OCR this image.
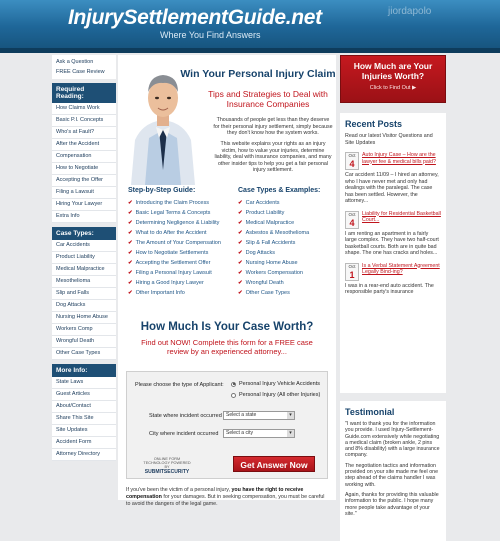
InjurySettlementGuide.net
Where You Find Answers
jiordapolo
Ask a Question
FREE Case Review
Required Reading:
How Claims Work
Basic P.I. Concepts
Who's at Fault?
After the Accident
Compensation
How to Negotiate
Accepting the Offer
Filing a Lawsuit
Hiring Your Lawyer
Extra Info
Case Types:
Car Accidents
Product Liability
Medical Malpractice
Mesothelioma
Slip and Falls
Dog Attacks
Nursing Home Abuse
Workers Comp
Wrongful Death
Other Case Types
More Info:
State Laws
Guest Articles
About/Contact
Share This Site
Site Updates
Accident Form
Attorney Directory
Win Your Personal Injury Claim
Tips and Strategies to Deal with Insurance Companies
Thousands of people get less than they deserve for their personal injury settlement, simply because they don't know how the system works.
This website explains your rights as an injury victim, how to value your injuries, determine liability, deal with insurance companies, and many other insider tips to help you get a fair personal injury settlement.
Step-by-Step Guide:
✔ Introducing the Claim Process
✔ Basic Legal Terms & Concepts
✔ Determining Negligence & Liability
✔ What to do After the Accident
✔ The Amount of Your Compensation
✔ How to Negotiate Settlements
✔ Accepting the Settlement Offer
✔ Filing a Personal Injury Lawsuit
✔ Hiring a Good Injury Lawyer
✔ Other Important Info
Case Types & Examples:
✔ Car Accidents
✔ Product Liability
✔ Medical Malpractice
✔ Asbestos & Mesothelioma
✔ Slip & Fall Accidents
✔ Dog Attacks
✔ Nursing Home Abuse
✔ Workers Compensation
✔ Wrongful Death
✔ Other Case Types
How Much Is Your Case Worth?
Find out NOW! Complete this form for a FREE case review by an experienced attorney...
Please choose the type of Applicant:	Personal Injury Vehicle Accidents
Personal Injury (All other Injuries)
State where incident occurred Select a state	▾
City where incident occurred	Select a city	▾
ONLINE FORM TECHNOLOGY POWERED BY
SUBMITSECURITY
Get Answer Now
If you've been the victim of a personal injury, you have the right to receive compensation for your damages. But in seeking compensation, you must be careful to avoid the dangers of the legal game.
How Much are Your Injuries Worth?
Click to Find Out ▶
Recent Posts
Read our latest Visitor Questions and Site Updates
Oct
4
Auto Injury Case – How are the lawyer fee & medical bills paid?
Car accident 11/09 – I hired an attorney, who I have never met and only had dealings with the paralegal. The case has been settled. However, the attorney...
Oct
4
Liability for Residential Basketball Court...
I am renting an apartment in a fairly large complex. They have two half-court basketball courts. Both are in quite bad shape. The one has cracks and holes...
Oct
1
Is a Verbal Statement Agreement Legally Bind-ing?
I was in a rear-end auto accident. The responsible party's insurance
Testimonial

"I want to thank you for the information you provide. I used Injury-Settlement-Guide.com extensively while negotiating a medical claim (broken ankle, 2 pins and 8% disability) with a large insurance company.

The negotiation tactics and information provided on your site made me feel one step ahead of the claims handler I was working with.

Again, thanks for providing this valuable information to the public. I hope many more people take advantage of your site."
